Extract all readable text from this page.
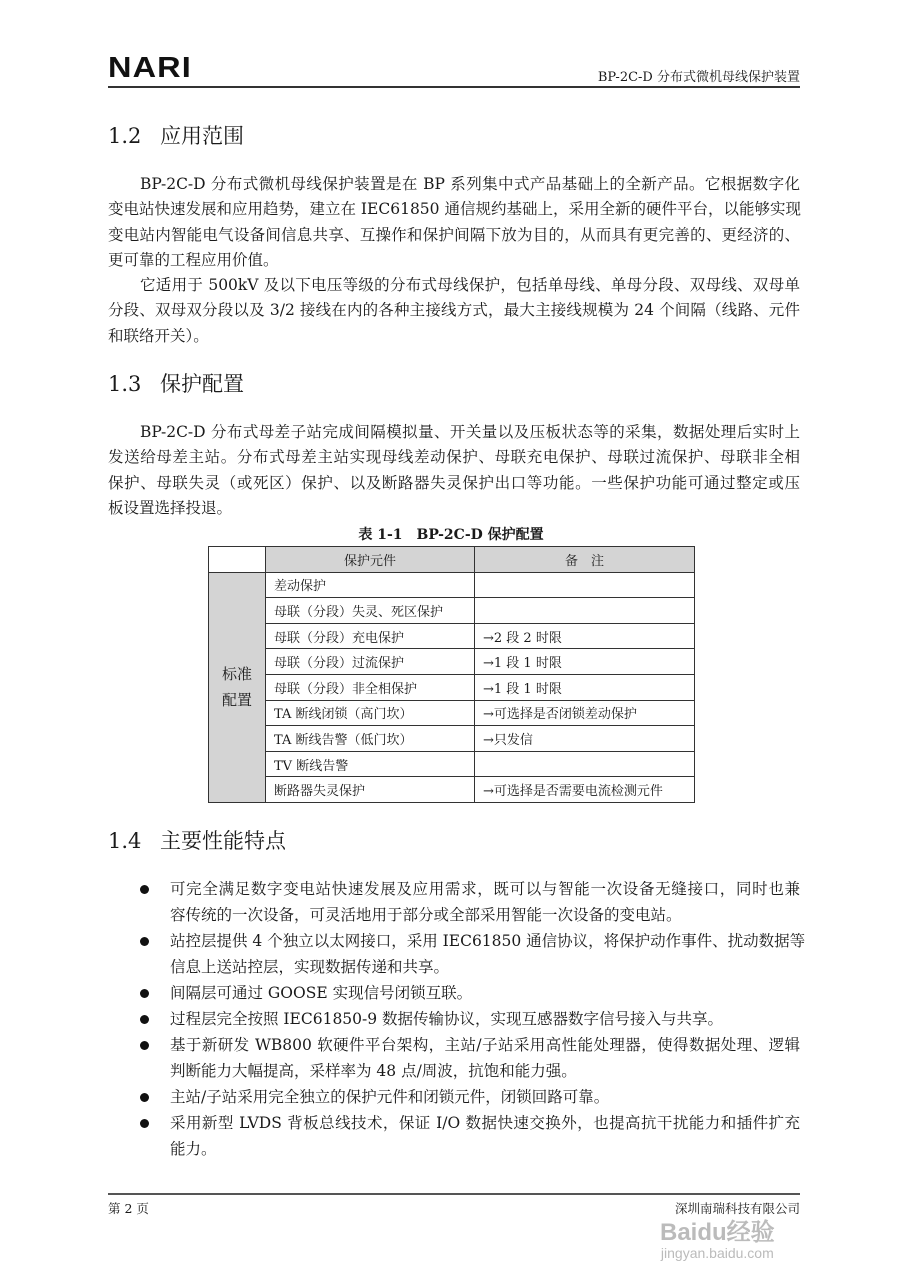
NARI	BP-2C-D 分布式微机母线保护装置
1.2 应用范围
BP-2C-D 分布式微机母线保护装置是在 BP 系列集中式产品基础上的全新产品。它根据数字化
变电站快速发展和应用趋势，建立在 IEC61850 通信规约基础上，采用全新的硬件平台，以能够实现
变电站内智能电气设备间信息共享、互操作和保护间隔下放为目的，从而具有更完善的、更经济的、
更可靠的工程应用价值。
它适用于 500kV 及以下电压等级的分布式母线保护，包括单母线、单母分段、双母线、双母单
分段、双母双分段以及 3/2 接线在内的各种主接线方式，最大主接线规模为 24 个间隔（线路、元件
和联络开关）。
1.3 保护配置
BP-2C-D 分布式母差子站完成间隔模拟量、开关量以及压板状态等的采集，数据处理后实时上
发送给母差主站。分布式母差主站实现母线差动保护、母联充电保护、母联过流保护、母联非全相
保护、母联失灵（或死区）保护、以及断路器失灵保护出口等功能。一些保护功能可通过整定或压
板设置选择投退。
表 1-1　BP-2C-D 保护配置
	保护元件	备　注

标准
配置	差动保护	
	母联（分段）失灵、死区保护	
	母联（分段）充电保护	→2 段 2 时限
	母联（分段）过流保护	→1 段 1 时限
	母联（分段）非全相保护	→1 段 1 时限
	TA 断线闭锁（高门坎）	→可选择是否闭锁差动保护
	TA 断线告警（低门坎）	→只发信
	TV 断线告警	
	断路器失灵保护	→可选择是否需要电流检测元件
1.4 主要性能特点
可完全满足数字变电站快速发展及应用需求，既可以与智能一次设备无缝接口，同时也兼
容传统的一次设备，可灵活地用于部分或全部采用智能一次设备的变电站。
站控层提供 4 个独立以太网接口，采用 IEC61850 通信协议，将保护动作事件、扰动数据等
信息上送站控层，实现数据传递和共享。
间隔层可通过 GOOSE 实现信号闭锁互联。
过程层完全按照 IEC61850-9 数据传输协议，实现互感器数字信号接入与共享。
基于新研发 WB800 软硬件平台架构，主站/子站采用高性能处理器，使得数据处理、逻辑
判断能力大幅提高，采样率为 48 点/周波，抗饱和能力强。
主站/子站采用完全独立的保护元件和闭锁元件，闭锁回路可靠。
采用新型 LVDS 背板总线技术，保证 I/O 数据快速交换外，也提高抗干扰能力和插件扩充
能力。
第 2 页	深圳南瑞科技有限公司
Baidu经验
jingyan.baidu.com
